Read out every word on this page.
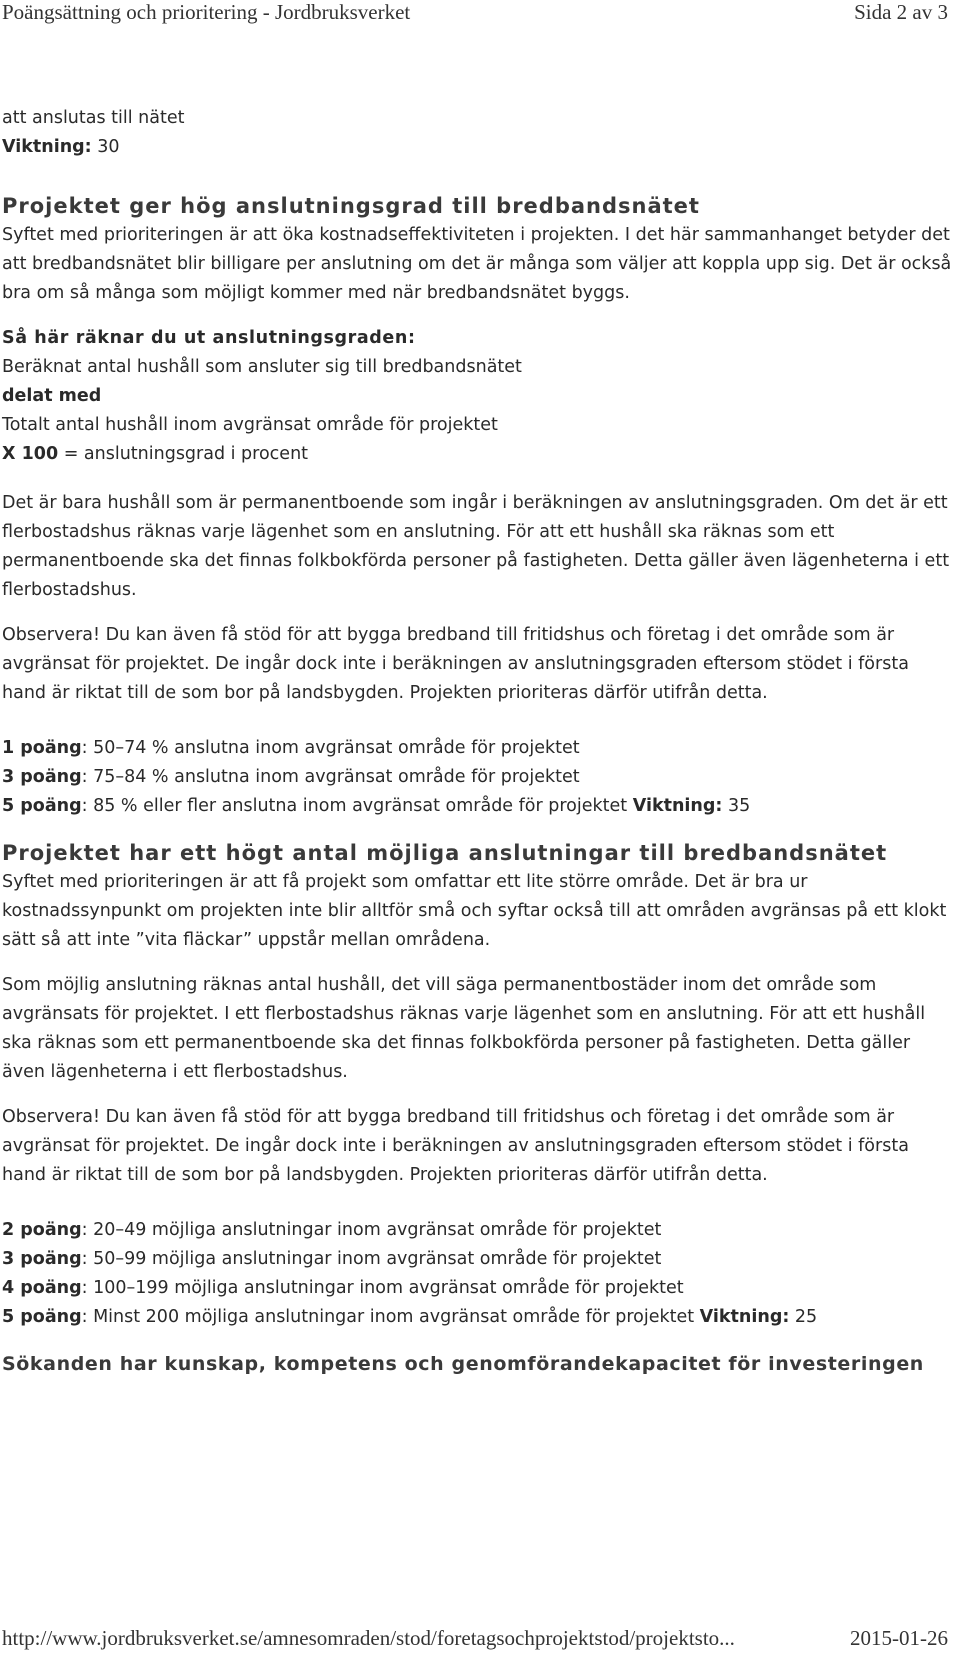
Poängsättning och prioritering - Jordbruksverket	Sida 2 av 3

att anslutas till nätet

Viktning: 30

Projektet ger hög anslutningsgrad till bredbandsnätet

Syftet med prioriteringen är att öka kostnadseffektiviteten i projekten. I det här sammanhanget betyder det att bredbandsnätet blir billigare per anslutning om det är många som väljer att koppla upp sig. Det är också bra om så många som möjligt kommer med när bredbandsnätet byggs.

Så här räknar du ut anslutningsgraden:

Beräknat antal hushåll som ansluter sig till bredbandsnätet

delat med

Totalt antal hushåll inom avgränsat område för projektet

X 100 = anslutningsgrad i procent

Det är bara hushåll som är permanentboende som ingår i beräkningen av anslutningsgraden. Om det är ett flerbostadshus räknas varje lägenhet som en anslutning. För att ett hushåll ska räknas som ett permanentboende ska det finnas folkbokförda personer på fastigheten. Detta gäller även lägenheterna i ett flerbostadshus.

Observera! Du kan även få stöd för att bygga bredband till fritidshus och företag i det område som är avgränsat för projektet. De ingår dock inte i beräkningen av anslutningsgraden eftersom stödet i första hand är riktat till de som bor på landsbygden. Projekten prioriteras därför utifrån detta.

1 poäng: 50–74 % anslutna inom avgränsat område för projektet

3 poäng: 75–84 % anslutna inom avgränsat område för projektet

5 poäng: 85 % eller fler anslutna inom avgränsat område för projektet Viktning: 35

Projektet har ett högt antal möjliga anslutningar till bredbandsnätet

Syftet med prioriteringen är att få projekt som omfattar ett lite större område. Det är bra ur kostnadssynpunkt om projekten inte blir alltför små och syftar också till att områden avgränsas på ett klokt sätt så att inte ”vita fläckar” uppstår mellan områdena.

Som möjlig anslutning räknas antal hushåll, det vill säga permanentbostäder inom det område som avgränsats för projektet. I ett flerbostadshus räknas varje lägenhet som en anslutning. För att ett hushåll ska räknas som ett permanentboende ska det finnas folkbokförda personer på fastigheten. Detta gäller även lägenheterna i ett flerbostadshus.

Observera! Du kan även få stöd för att bygga bredband till fritidshus och företag i det område som är avgränsat för projektet. De ingår dock inte i beräkningen av anslutningsgraden eftersom stödet i första hand är riktat till de som bor på landsbygden. Projekten prioriteras därför utifrån detta.

2 poäng: 20–49 möjliga anslutningar inom avgränsat område för projektet

3 poäng: 50–99 möjliga anslutningar inom avgränsat område för projektet

4 poäng: 100–199 möjliga anslutningar inom avgränsat område för projektet

5 poäng: Minst 200 möjliga anslutningar inom avgränsat område för projektet Viktning: 25

Sökanden har kunskap, kompetens och genomförandekapacitet för investeringen
http://www.jordbruksverket.se/amnesomraden/stod/foretagsochprojektstod/projektsto...	2015-01-26
